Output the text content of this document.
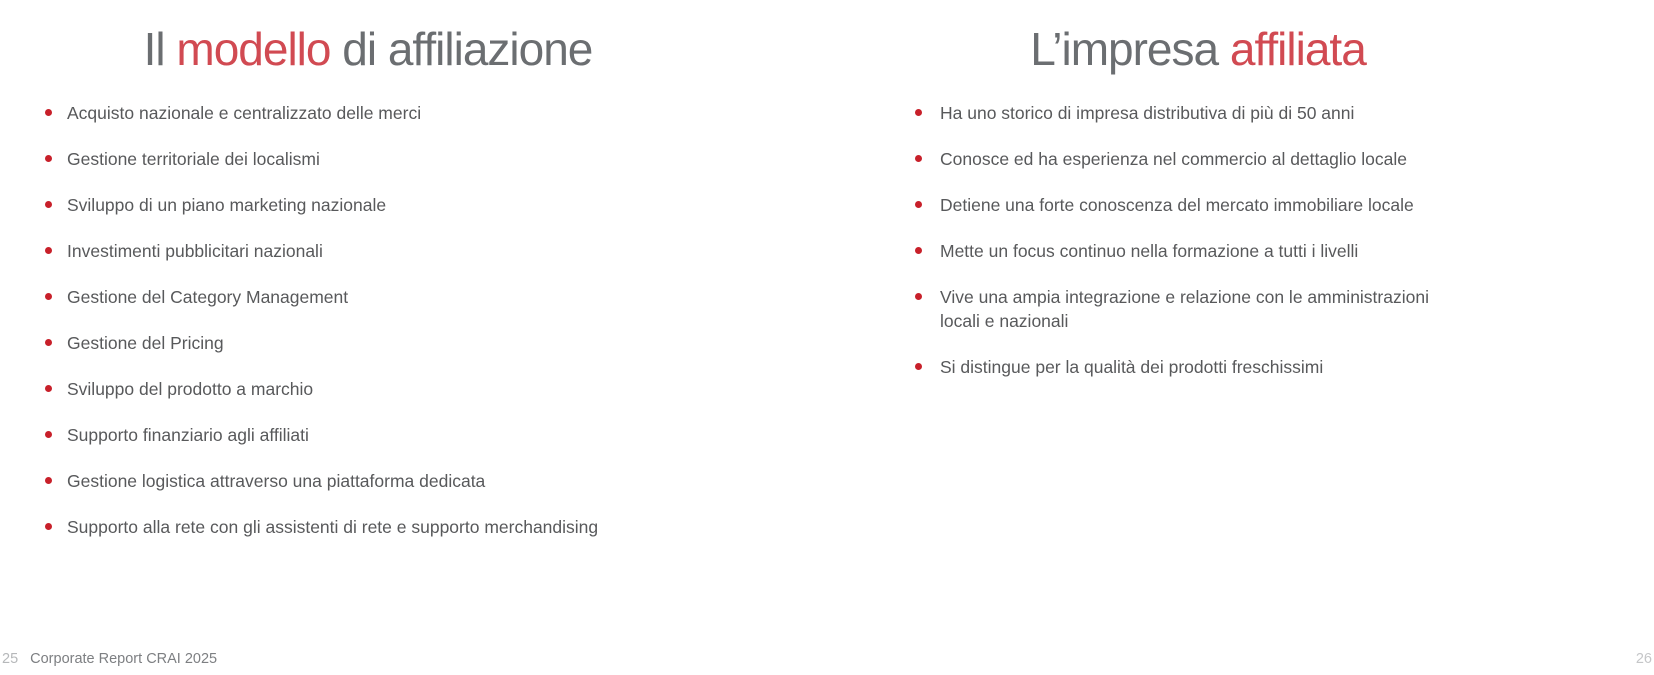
Il modello di affiliazione	L’impresa affiliata
Acquisto nazionale e centralizzato delle merci
Gestione territoriale dei localismi
Sviluppo di un piano marketing nazionale
Investimenti pubblicitari nazionali
Gestione del Category Management
Gestione del Pricing
Sviluppo del prodotto a marchio
Supporto finanziario agli affiliati
Gestione logistica attraverso una piattaforma dedicata
Supporto alla rete con gli assistenti di rete e supporto merchandising
Ha uno storico di impresa distributiva di più di 50 anni
Conosce ed ha esperienza nel commercio al dettaglio locale
Detiene una forte conoscenza del mercato immobiliare locale
Mette un focus continuo nella formazione a tutti i livelli
Vive una ampia integrazione e relazione con le amministrazioni locali e nazionali
Si distingue per la qualità dei prodotti freschissimi
25 Corporate Report CRAI 2025	26
